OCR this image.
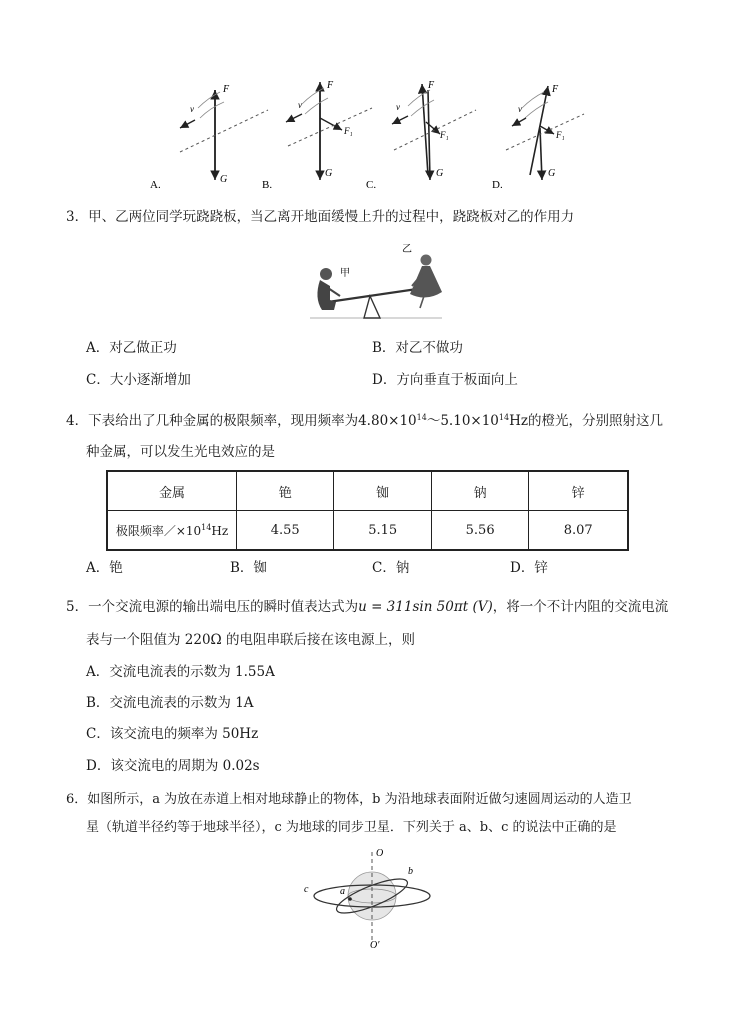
F
v
G
A.
F
F₁
v
G
B.
F
F₁
v
G
C.
F
F₁
v
G
D.
3．甲、乙两位同学玩跷跷板，当乙离开地面缓慢上升的过程中，跷跷板对乙的作用力
甲
乙
A．对乙做正功	B．对乙不做功
C．大小逐渐增加	D．方向垂直于板面向上
4．下表给出了几种金属的极限频率，现用频率为$4.80\times 10^{14}\sim 5.10\times 10^{14}Hz$的橙光，分别照射这几
种金属，可以发生光电效应的是
金属	铯	铷	钠	锌
极限频率$/\times 10^{14}Hz$	4.55	5.15	5.56	8.07
A．铯	B．铷	C．钠	D．锌
5．一个交流电源的输出端电压的瞬时值表达式为u = 311sin 50πt (V)，将一个不计内阻的交流电流
表与一个阻值为 220Ω 的电阻串联后接在该电源上，则
A．交流电流表的示数为 1.55A
B．交流电流表的示数为 1A
C．该交流电的频率为 50Hz
D．该交流电的周期为 0.02s
6．如图所示，a 为放在赤道上相对地球静止的物体，b 为沿地球表面附近做匀速圆周运动的人造卫
星（轨道半径约等于地球半径），c 为地球的同步卫星．下列关于 a、b、c 的说法中正确的是
O
O′
a
b
c
